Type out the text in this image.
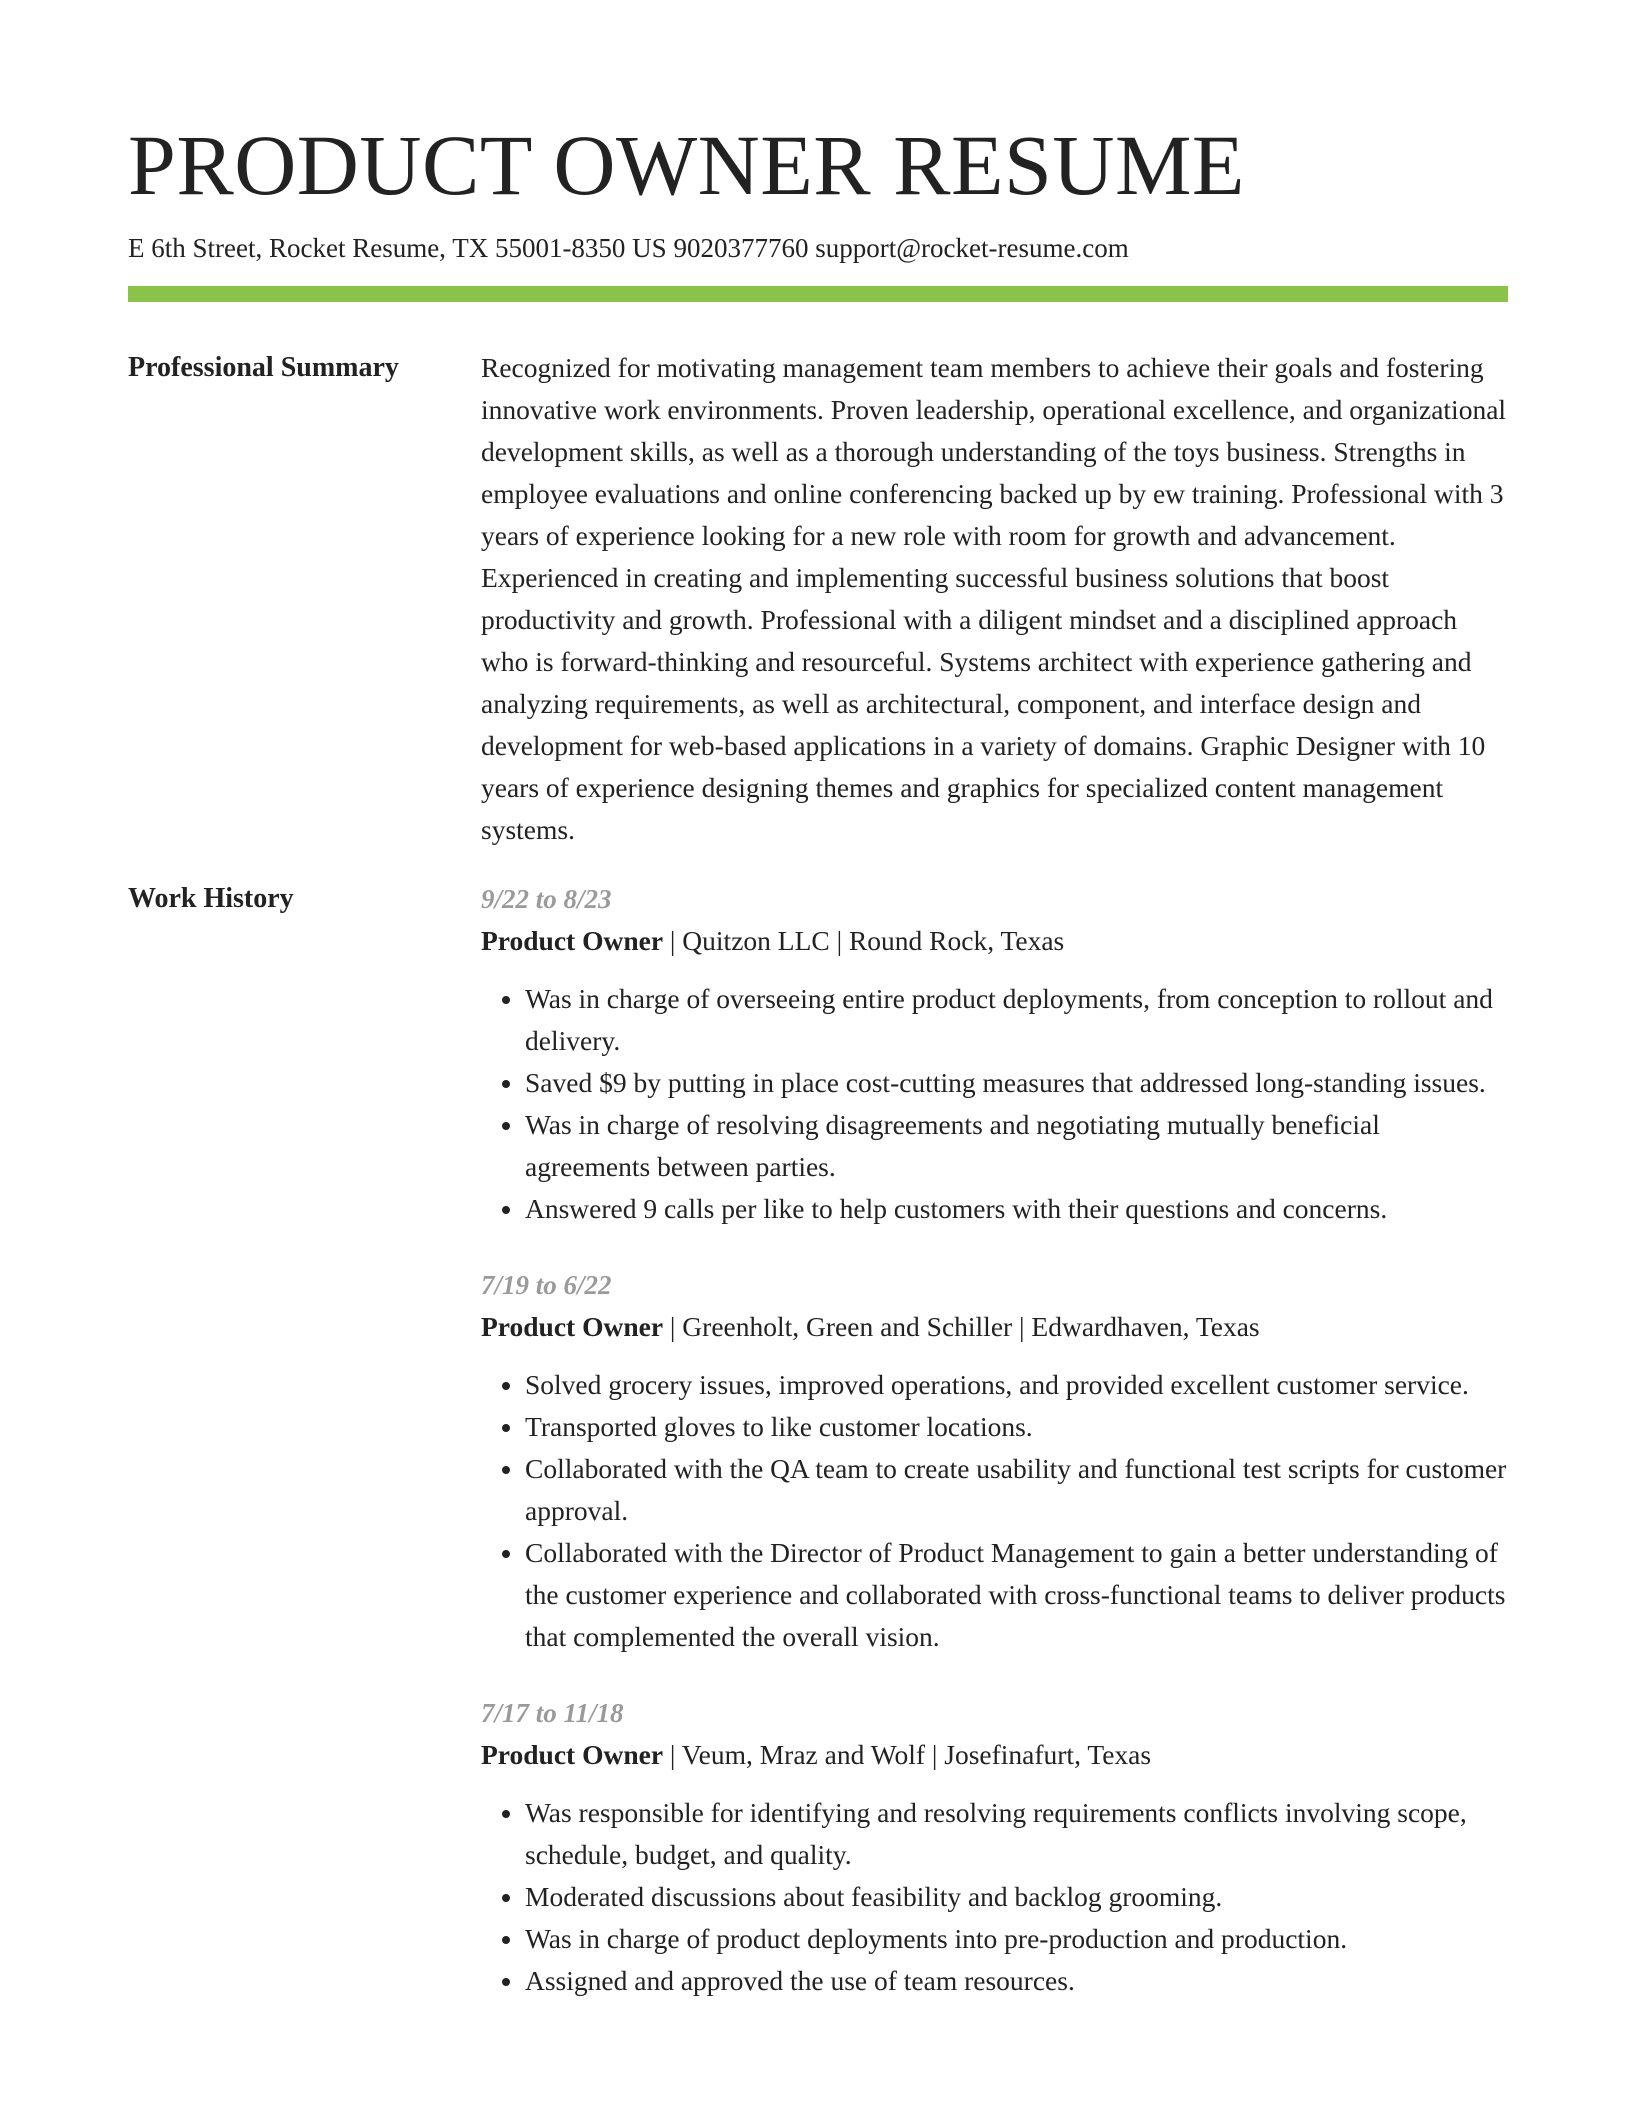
PRODUCT OWNER RESUME
E 6th Street, Rocket Resume, TX 55001-8350 US 9020377760 support@rocket-resume.com
Professional Summary	Recognized for motivating management team members to achieve their goals and fostering innovative work environments. Proven leadership, operational excellence, and organizational development skills, as well as a thorough understanding of the toys business. Strengths in employee evaluations and online conferencing backed up by ew training. Professional with 3 years of experience looking for a new role with room for growth and advancement. Experienced in creating and implementing successful business solutions that boost productivity and growth. Professional with a diligent mindset and a disciplined approach who is forward-thinking and resourceful. Systems architect with experience gathering and analyzing requirements, as well as architectural, component, and interface design and development for web-based applications in a variety of domains. Graphic Designer with 10 years of experience designing themes and graphics for specialized content management systems.

Work History	9/22 to 8/23
Product Owner | Quitzon LLC | Round Rock, Texas
• Was in charge of overseeing entire product deployments, from conception to rollout and delivery.
• Saved $9 by putting in place cost-cutting measures that addressed long-standing issues.
• Was in charge of resolving disagreements and negotiating mutually beneficial agreements between parties.
• Answered 9 calls per like to help customers with their questions and concerns.
7/19 to 6/22
Product Owner | Greenholt, Green and Schiller | Edwardhaven, Texas
• Solved grocery issues, improved operations, and provided excellent customer service.
• Transported gloves to like customer locations.
• Collaborated with the QA team to create usability and functional test scripts for customer approval.
• Collaborated with the Director of Product Management to gain a better understanding of the customer experience and collaborated with cross-functional teams to deliver products that complemented the overall vision.
7/17 to 11/18
Product Owner | Veum, Mraz and Wolf | Josefinafurt, Texas
• Was responsible for identifying and resolving requirements conflicts involving scope, schedule, budget, and quality.
• Moderated discussions about feasibility and backlog grooming.
• Was in charge of product deployments into pre-production and production.
• Assigned and approved the use of team resources.
